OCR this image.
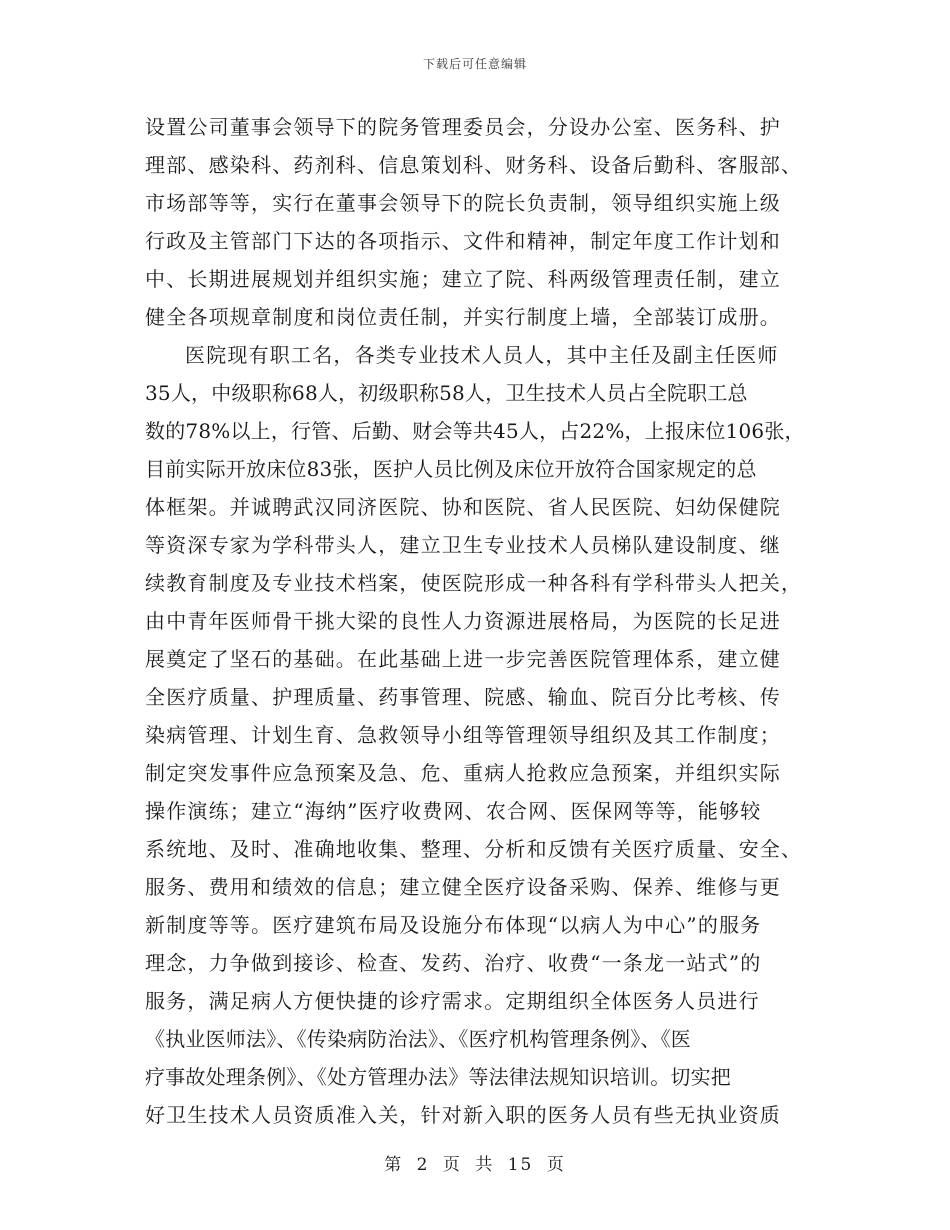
下载后可任意编辑
设置公司董事会领导下的院务管理委员会，分设办公室、医务科、护
理部、感染科、药剂科、信息策划科、财务科、设备后勤科、客服部、
市场部等等，实行在董事会领导下的院长负责制，领导组织实施上级
行政及主管部门下达的各项指示、文件和精神，制定年度工作计划和
中、长期进展规划并组织实施；建立了院、科两级管理责任制，建立
健全各项规章制度和岗位责任制，并实行制度上墙，全部装订成册。
医院现有职工名，各类专业技术人员人，其中主任及副主任医师
35人，中级职称68人，初级职称58人，卫生技术人员占全院职工总
数的78%以上，行管、后勤、财会等共45人，占22%，上报床位106张，
目前实际开放床位83张，医护人员比例及床位开放符合国家规定的总
体框架。并诚聘武汉同济医院、协和医院、省人民医院、妇幼保健院
等资深专家为学科带头人，建立卫生专业技术人员梯队建设制度、继
续教育制度及专业技术档案，使医院形成一种各科有学科带头人把关，
由中青年医师骨干挑大梁的良性人力资源进展格局，为医院的长足进
展奠定了坚石的基础。在此基础上进一步完善医院管理体系，建立健
全医疗质量、护理质量、药事管理、院感、输血、院百分比考核、传
染病管理、计划生育、急救领导小组等管理领导组织及其工作制度；
制定突发事件应急预案及急、危、重病人抢救应急预案，并组织实际
操作演练；建立“海纳”医疗收费网、农合网、医保网等等，能够较
系统地、及时、准确地收集、整理、分析和反馈有关医疗质量、安全、
服务、费用和绩效的信息；建立健全医疗设备采购、保养、维修与更
新制度等等。医疗建筑布局及设施分布体现“以病人为中心”的服务
理念，力争做到接诊、检查、发药、治疗、收费“一条龙一站式”的
服务，满足病人方便快捷的诊疗需求。定期组织全体医务人员进行
《执业医师法》、《传染病防治法》、《医疗机构管理条例》、《医
疗事故处理条例》、《处方管理办法》等法律法规知识培训。切实把
好卫生技术人员资质准入关，针对新入职的医务人员有些无执业资质
第 2 页 共 15 页
